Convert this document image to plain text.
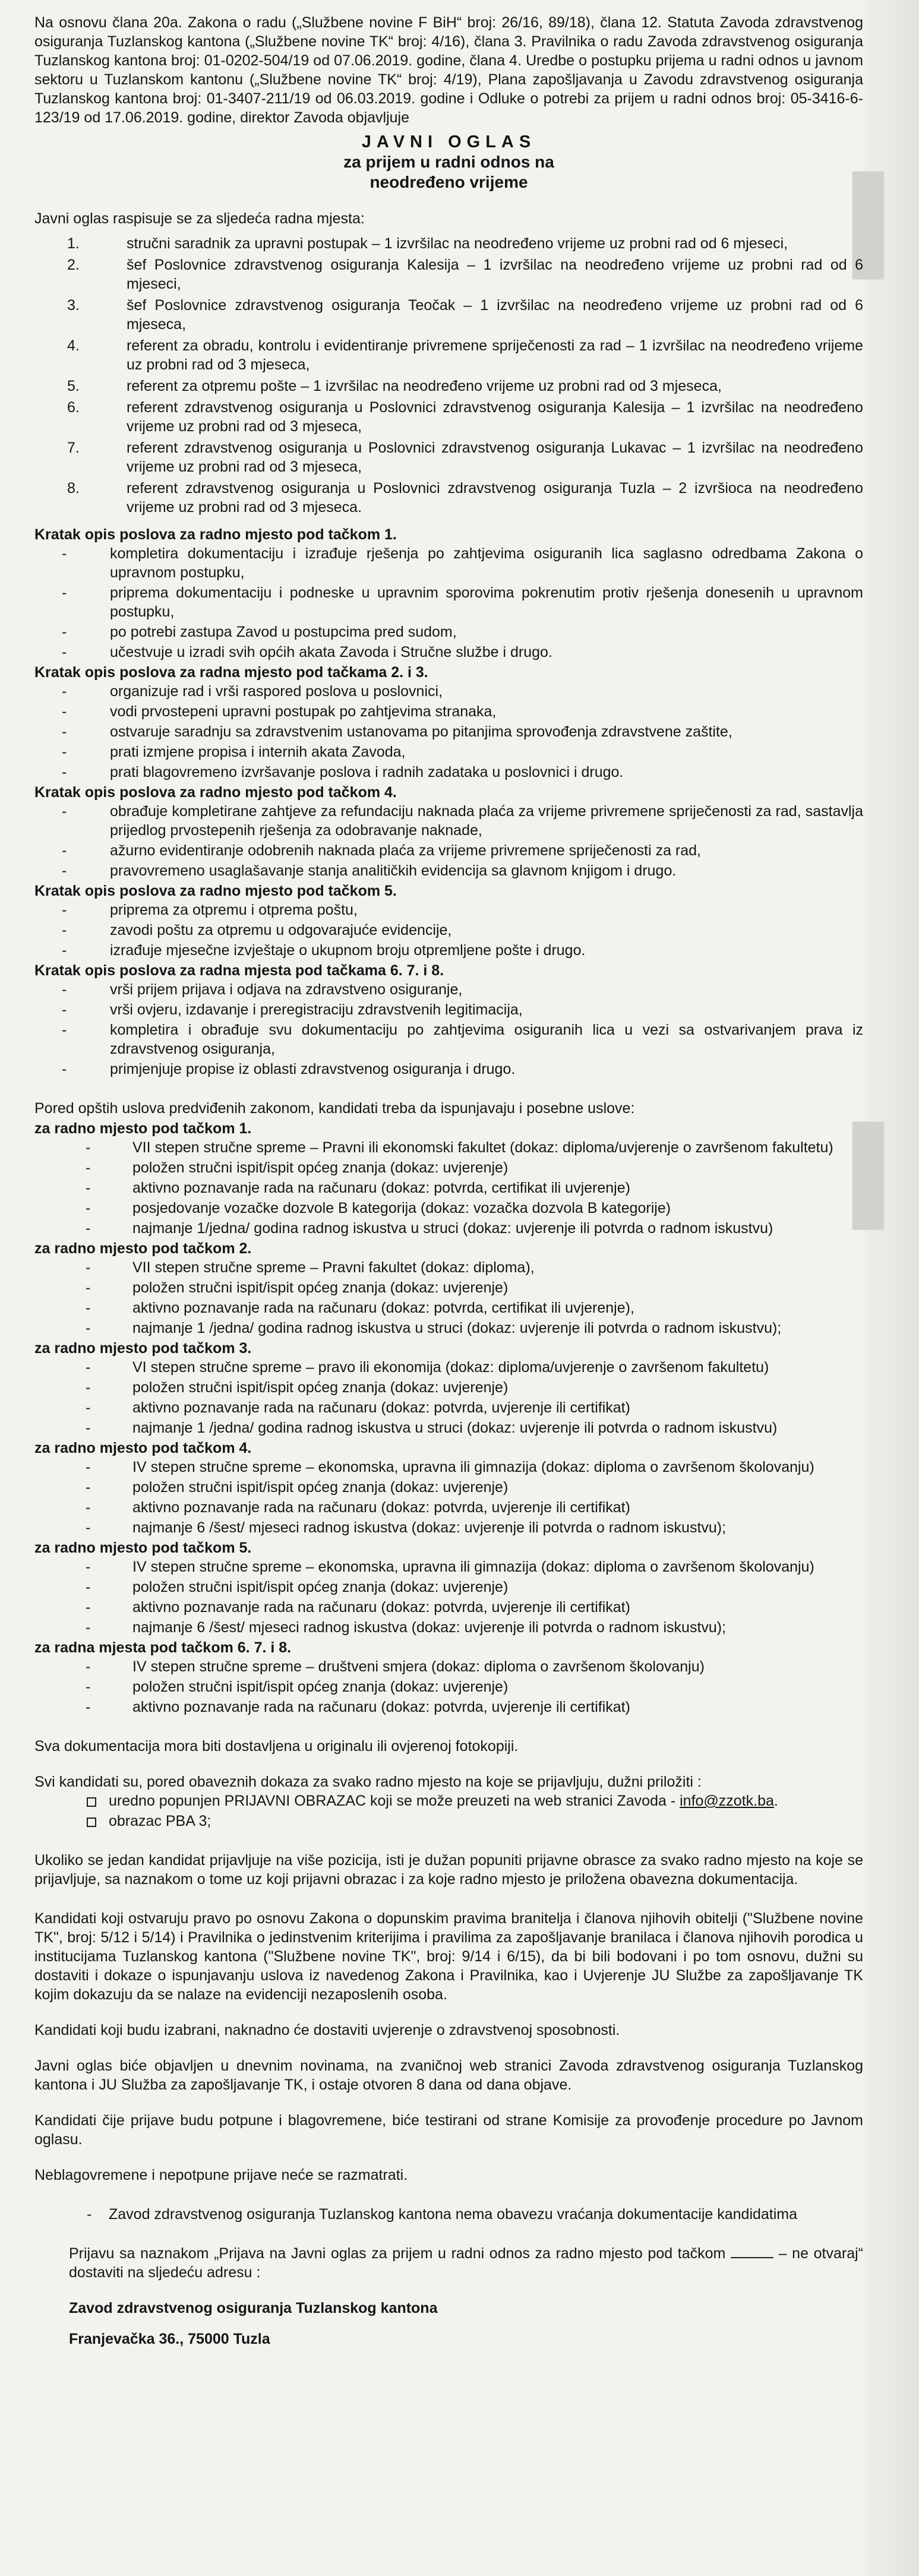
▌
▌

Na osnovu člana 20a. Zakona o radu („Službene novine F BiH“ broj: 26/16, 89/18), člana 12. Statuta Zavoda zdravstvenog osiguranja Tuzlanskog kantona („Službene novine TK“ broj: 4/16), člana 3. Pravilnika o radu Zavoda zdravstvenog osiguranja Tuzlanskog kantona broj: 01-0202-504/19 od 07.06.2019. godine, člana 4. Uredbe o postupku prijema u radni odnos u javnom sektoru u Tuzlanskom kantonu („Službene novine TK“ broj: 4/19), Plana zapošljavanja u Zavodu zdravstvenog osiguranja Tuzlanskog kantona broj: 01-3407-211/19 od 06.03.2019. godine i Odluke o potrebi za prijem u radni odnos broj: 05-3416-6-123/19 od 17.06.2019. godine, direktor Zavoda objavljuje

JAVNI OGLAS

za prijem u radni odnos na

neodređeno vrijeme

Javni oglas raspisuje se za sljedeća radna mjesta:

1.	stručni saradnik za upravni postupak – 1 izvršilac na neodređeno vrijeme uz probni rad od 6 mjeseci,
2.	šef Poslovnice zdravstvenog osiguranja Kalesija – 1 izvršilac na neodređeno vrijeme uz probni rad od 6 mjeseci,
3.	šef Poslovnice zdravstvenog osiguranja Teočak – 1 izvršilac na neodređeno vrijeme uz probni rad od 6 mjeseca,
4.	referent za obradu, kontrolu i evidentiranje privremene spriječenosti za rad – 1 izvršilac na neodređeno vrijeme uz probni rad od 3 mjeseca,
5.	referent za otpremu pošte – 1 izvršilac na neodređeno vrijeme uz probni rad od 3 mjeseca,
6.	referent zdravstvenog osiguranja u Poslovnici zdravstvenog osiguranja Kalesija – 1 izvršilac na neodređeno vrijeme uz probni rad od 3 mjeseca,
7.	referent zdravstvenog osiguranja u Poslovnici zdravstvenog osiguranja Lukavac – 1 izvršilac na neodređeno vrijeme uz probni rad od 3 mjeseca,
8.	referent zdravstvenog osiguranja u Poslovnici zdravstvenog osiguranja Tuzla – 2 izvršioca na neodređeno vrijeme uz probni rad od 3 mjeseca.

Kratak opis poslova za radno mjesto pod tačkom 1.

- kompletira dokumentaciju i izrađuje rješenja po zahtjevima osiguranih lica saglasno odredbama Zakona o upravnom postupku,
- priprema dokumentaciju i podneske u upravnim sporovima pokrenutim protiv rješenja donesenih u upravnom postupku,
- po potrebi zastupa Zavod u postupcima pred sudom,
- učestvuje u izradi svih općih akata Zavoda i Stručne službe i drugo.

Kratak opis poslova za radna mjesto pod tačkama 2. i 3.

- organizuje rad i vrši raspored poslova u poslovnici,
- vodi prvostepeni upravni postupak po zahtjevima stranaka,
- ostvaruje saradnju sa zdravstvenim ustanovama po pitanjima sprovođenja zdravstvene zaštite,
- prati izmjene propisa i internih akata Zavoda,
- prati blagovremeno izvršavanje poslova i radnih zadataka u poslovnici i drugo.

Kratak opis poslova za radno mjesto pod tačkom 4.

- obrađuje kompletirane zahtjeve za refundaciju naknada plaća za vrijeme privremene spriječenosti za rad, sastavlja prijedlog prvostepenih rješenja za odobravanje naknade,
- ažurno evidentiranje odobrenih naknada plaća za vrijeme privremene spriječenosti za rad,
- pravovremeno usaglašavanje stanja analitičkih evidencija sa glavnom knjigom i drugo.

Kratak opis poslova za radno mjesto pod tačkom 5.

- priprema za otpremu i otprema poštu,
- zavodi poštu za otpremu u odgovarajuće evidencije,
- izrađuje mjesečne izvještaje o ukupnom broju otpremljene pošte i drugo.

Kratak opis poslova za radna mjesta pod tačkama 6. 7. i 8.

- vrši prijem prijava i odjava na zdravstveno osiguranje,
- vrši ovjeru, izdavanje i preregistraciju zdravstvenih legitimacija,
- kompletira i obrađuje svu dokumentaciju po zahtjevima osiguranih lica u vezi sa ostvarivanjem prava iz zdravstvenog osiguranja,
- primjenjuje propise iz oblasti zdravstvenog osiguranja i drugo.

Pored opštih uslova predviđenih zakonom, kandidati treba da ispunjavaju i posebne uslove:

za radno mjesto pod tačkom 1.

- VII stepen stručne spreme – Pravni ili ekonomski fakultet (dokaz: diploma/uvjerenje o završenom fakultetu)
- položen stručni ispit/ispit općeg znanja (dokaz: uvjerenje)
- aktivno poznavanje rada na računaru (dokaz: potvrda, certifikat ili uvjerenje)
- posjedovanje vozačke dozvole B kategorija (dokaz: vozačka dozvola B kategorije)
- najmanje 1/jedna/ godina radnog iskustva u struci (dokaz: uvjerenje ili potvrda o radnom iskustvu)

za radno mjesto pod tačkom 2.

- VII stepen stručne spreme – Pravni fakultet (dokaz: diploma),
- položen stručni ispit/ispit općeg znanja (dokaz: uvjerenje)
- aktivno poznavanje rada na računaru (dokaz: potvrda, certifikat ili uvjerenje),
- najmanje 1 /jedna/ godina radnog iskustva u struci (dokaz: uvjerenje ili potvrda o radnom iskustvu);

za radno mjesto pod tačkom 3.

- VI stepen stručne spreme – pravo ili ekonomija (dokaz: diploma/uvjerenje o završenom fakultetu)
- položen stručni ispit/ispit općeg znanja (dokaz: uvjerenje)
- aktivno poznavanje rada na računaru (dokaz: potvrda, uvjerenje ili certifikat)
- najmanje 1 /jedna/ godina radnog iskustva u struci (dokaz: uvjerenje ili potvrda o radnom iskustvu)

za radno mjesto pod tačkom 4.

- IV stepen stručne spreme – ekonomska, upravna ili gimnazija (dokaz: diploma o završenom školovanju)
- položen stručni ispit/ispit općeg znanja (dokaz: uvjerenje)
- aktivno poznavanje rada na računaru (dokaz: potvrda, uvjerenje ili certifikat)
- najmanje 6 /šest/ mjeseci radnog iskustva (dokaz: uvjerenje ili potvrda o radnom iskustvu);

za radno mjesto pod tačkom 5.

- IV stepen stručne spreme – ekonomska, upravna ili gimnazija (dokaz: diploma o završenom školovanju)
- položen stručni ispit/ispit općeg znanja (dokaz: uvjerenje)
- aktivno poznavanje rada na računaru (dokaz: potvrda, uvjerenje ili certifikat)
- najmanje 6 /šest/ mjeseci radnog iskustva (dokaz: uvjerenje ili potvrda o radnom iskustvu);

za radna mjesta pod tačkom 6. 7. i 8.

- IV stepen stručne spreme – društveni smjera (dokaz: diploma o završenom školovanju)
- položen stručni ispit/ispit općeg znanja (dokaz: uvjerenje)
- aktivno poznavanje rada na računaru (dokaz: potvrda, uvjerenje ili certifikat)

Sva dokumentacija mora biti dostavljena u originalu ili ovjerenoj fotokopiji.

Svi kandidati su, pored obaveznih dokaza za svako radno mjesto na koje se prijavljuju, dužni priložiti :

uredno popunjen PRIJAVNI OBRAZAC koji se može preuzeti na web stranici Zavoda - info@zzotk.ba.
obrazac PBA 3;

Ukoliko se jedan kandidat prijavljuje na više pozicija, isti je dužan popuniti prijavne obrasce za svako radno mjesto na koje se prijavljuje, sa naznakom o tome uz koji prijavni obrazac i za koje radno mjesto je priložena obavezna dokumentacija.

Kandidati koji ostvaruju pravo po osnovu Zakona o dopunskim pravima branitelja i članova njihovih obitelji ("Službene novine TK", broj: 5/12 i 5/14) i Pravilnika o jedinstvenim kriterijima i pravilima za zapošljavanje branilaca i članova njihovih porodica u institucijama Tuzlanskog kantona ("Službene novine TK", broj: 9/14 i 6/15), da bi bili bodovani i po tom osnovu, dužni su dostaviti i dokaze o ispunjavanju uslova iz navedenog Zakona i Pravilnika, kao i Uvjerenje JU Službe za zapošljavanje TK kojim dokazuju da se nalaze na evidenciji nezaposlenih osoba.

Kandidati koji budu izabrani, naknadno će dostaviti uvjerenje o zdravstvenoj sposobnosti.

Javni oglas biće objavljen u dnevnim novinama, na zvaničnoj web stranici Zavoda zdravstvenog osiguranja Tuzlanskog kantona i JU Služba za zapošljavanje TK, i ostaje otvoren 8 dana od dana objave.

Kandidati čije prijave budu potpune i blagovremene, biće testirani od strane Komisije za provođenje procedure po Javnom oglasu.

Neblagovremene i nepotpune prijave neće se razmatrati.

- Zavod zdravstvenog osiguranja Tuzlanskog kantona nema obavezu vraćanja dokumentacije kandidatima

Prijavu sa naznakom „Prijava na Javni oglas za prijem u radni odnos za radno mjesto pod tačkom	– ne otvaraj“ dostaviti na sljedeću adresu :

Zavod zdravstvenog osiguranja Tuzlanskog kantona

Franjevačka 36., 75000 Tuzla
